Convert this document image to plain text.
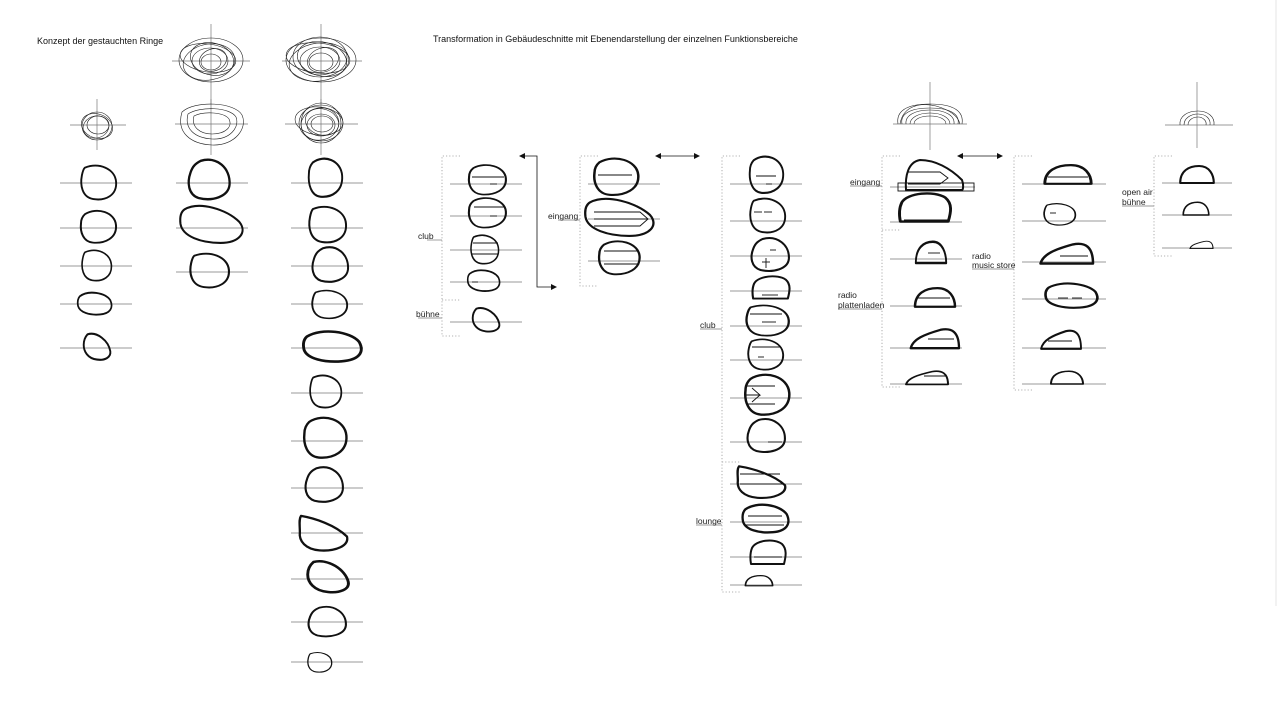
Konzept der gestauchten Ringe	Transformation in Gebäudeschnitte mit Ebenendarstellung der einzelnen Funktionsbereiche
club
bühne
eingang
club
lounge
eingang
radio
plattenladen
radio
music store
open air
bühne
